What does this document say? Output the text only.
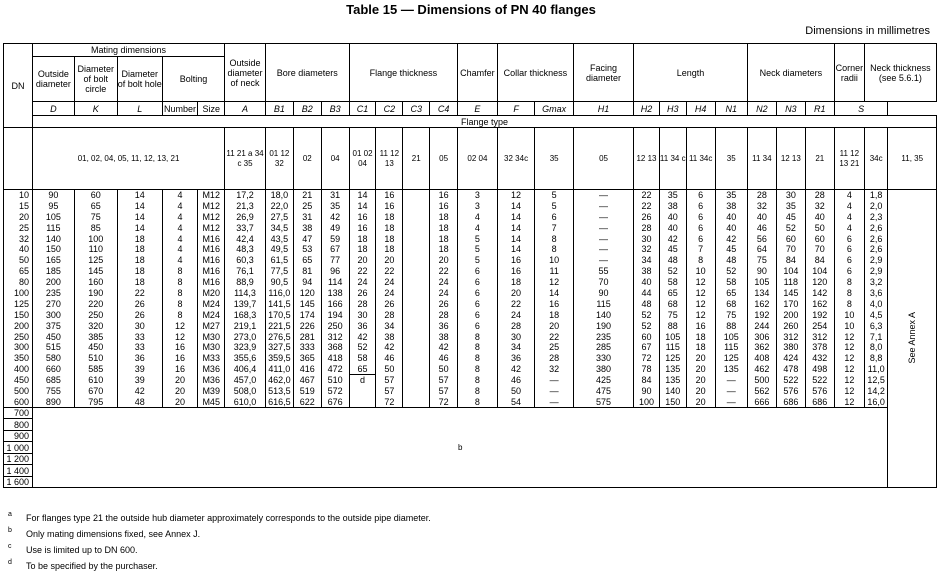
Table 15 — Dimensions of PN 40 flanges
Dimensions in millimetres
DN	Mating dimensions					Outside diameter of neck	Bore diameters			Flange thickness				Chamfer	Collar thickness		Facing diameter	Length				Neck diameters			Corner radii	Neck thickness (see 5.6.1)	
	Outside diameter	Diameter of bolt circle	Diameter of bolt hole	Bolting																							
	D	K	L	Number	Size	A	B1	B2	B3	C1	C2	C3	C4	E	F	Gmax	H1	H2	H3	H4	N1	N2	N3	R1	S		
	Flange type																										
	01, 02, 04, 05, 11, 12, 13, 21					11 21 a 34 c 35	01 12 32	02	04	01 02 04	11 12 13	21	05	02 04	32 34c	35	05	12 13	11 34 c	11 34c	35	11 34	12 13	21	11 12 13 21	34c	11, 35
10	90	60	14	4	M12	17,2	18,0	21	31	14	16		16	3	12	5	—	22	35	6	35	28	30	28	4	1,8	See Annex A
15	95	65	14	4	M12	21,3	22,0	25	35	14	16		16	3	14	5	—	22	38	6	38	32	35	32	4	2,0	
20	105	75	14	4	M12	26,9	27,5	31	42	16	18		18	4	14	6	—	26	40	6	40	40	45	40	4	2,3	
25	115	85	14	4	M12	33,7	34,5	38	49	16	18		18	4	14	7	—	28	40	6	40	46	52	50	4	2,6	
32	140	100	18	4	M16	42,4	43,5	47	59	18	18		18	5	14	8	—	30	42	6	42	56	60	60	6	2,6	
40	150	110	18	4	M16	48,3	49,5	53	67	18	18		18	5	14	8	—	32	45	7	45	64	70	70	6	2,6	
50	165	125	18	4	M16	60,3	61,5	65	77	20	20		20	5	16	10	—	34	48	8	48	75	84	84	6	2,9	
65	185	145	18	8	M16	76,1	77,5	81	96	22	22		22	6	16	11	55	38	52	10	52	90	104	104	6	2,9	
80	200	160	18	8	M16	88,9	90,5	94	114	24	24		24	6	18	12	70	40	58	12	58	105	118	120	8	3,2	
100	235	190	22	8	M20	114,3	116,0	120	138	26	24		24	6	20	14	90	44	65	12	65	134	145	142	8	3,6	
125	270	220	26	8	M24	139,7	141,5	145	166	28	26		26	6	22	16	115	48	68	12	68	162	170	162	8	4,0	
150	300	250	26	8	M24	168,3	170,5	174	194	30	28		28	6	24	18	140	52	75	12	75	192	200	192	10	4,5	
200	375	320	30	12	M27	219,1	221,5	226	250	36	34		36	6	28	20	190	52	88	16	88	244	260	254	10	6,3	
250	450	385	33	12	M30	273,0	276,5	281	312	42	38		38	8	30	22	235	60	105	18	105	306	312	312	12	7,1	
300	515	450	33	16	M30	323,9	327,5	333	368	52	42		42	8	34	25	285	67	115	18	115	362	380	378	12	8,0	
350	580	510	36	16	M33	355,6	359,5	365	418	58	46		46	8	36	28	330	72	125	20	125	408	424	432	12	8,8	
400	660	585	39	16	M36	406,4	411,0	416	472	65	50		50	8	42	32	380	78	135	20	135	462	478	498	12	11,0	
450	685	610	39	20	M36	457,0	462,0	467	510	d	57		57	8	46	—	425	84	135	20	—	500	522	522	12	12,5	
500	755	670	42	20	M39	508,0	513,5	519	572		57		57	8	50	—	475	90	140	20	—	562	576	576	12	14,2	
600	890	795	48	20	M45	610,0	616,5	622	676		72		72	8	54	—	575	100	150	20	—	666	686	686	12	16,0	
700	b																										
800																											
900																											
1 000																											
1 200																											
1 400																											
1 600																											
a For flanges type 21 the outside hub diameter approximately corresponds to the outside pipe diameter.
b Only mating dimensions fixed, see Annex J.
c Use is limited up to DN 600.
d To be specified by the purchaser.
